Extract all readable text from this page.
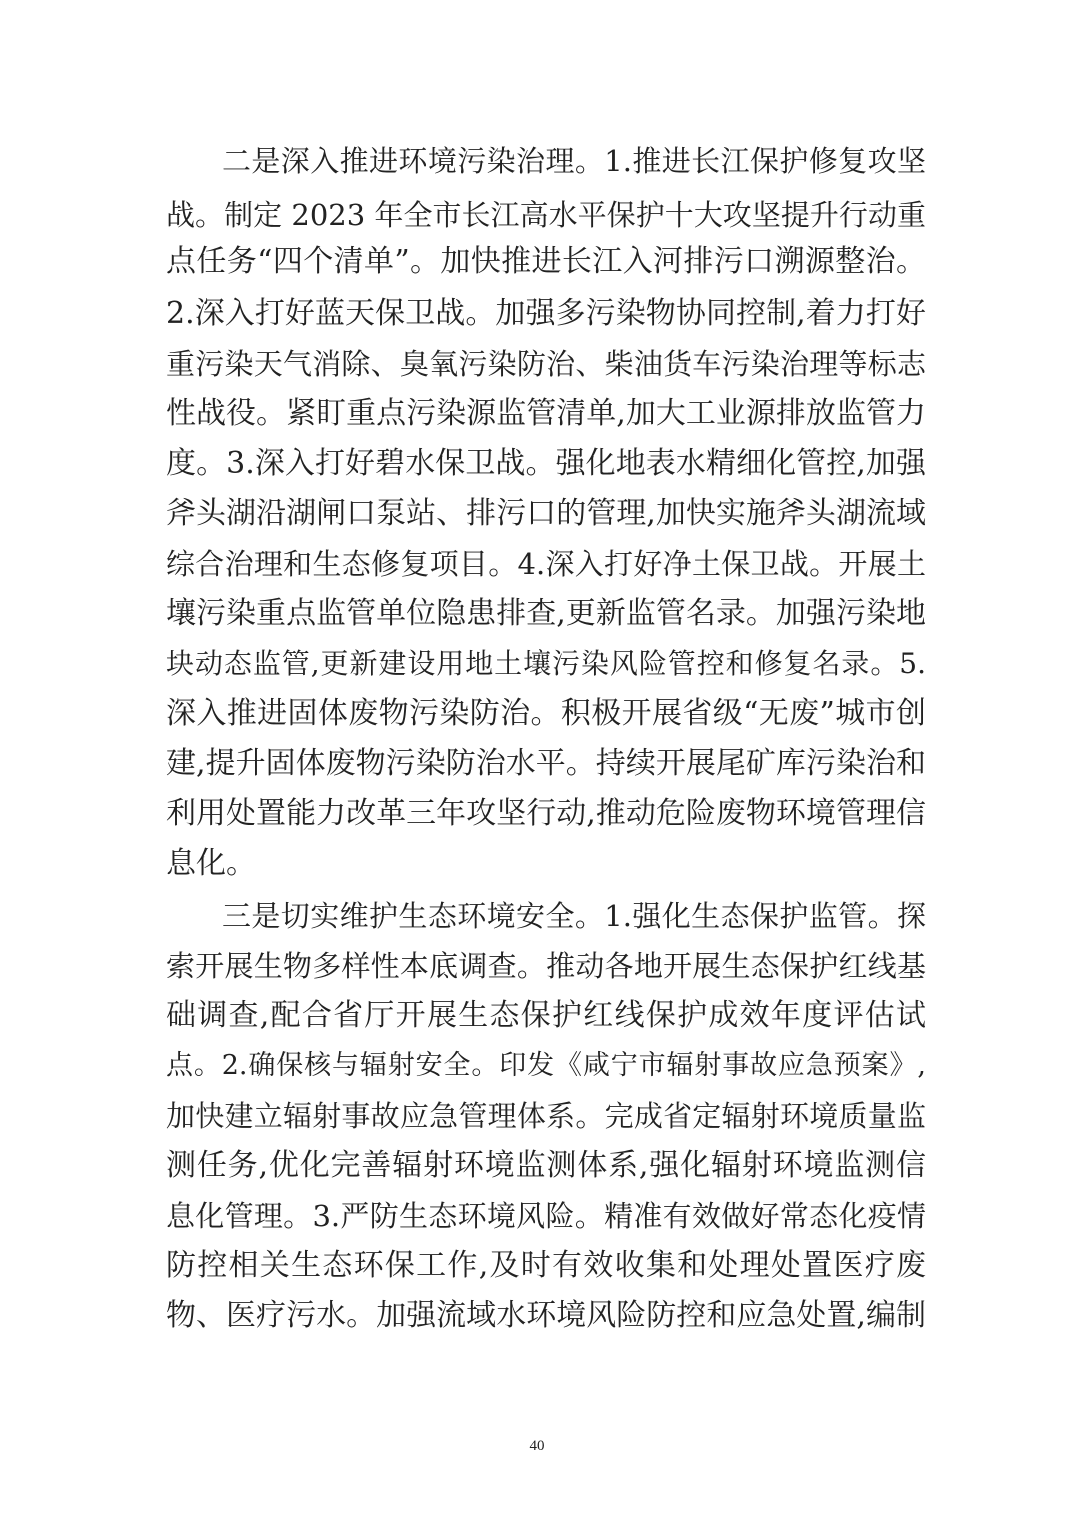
二是深入推进环境污染治理。1.推进长江保护修复攻坚
战。制定 2023 年全市长江高水平保护十大攻坚提升行动重
点任务“四个清单”。加快推进长江入河排污口溯源整治。
2.深入打好蓝天保卫战。加强多污染物协同控制,着力打好
重污染天气消除、臭氧污染防治、柴油货车污染治理等标志
性战役。紧盯重点污染源监管清单,加大工业源排放监管力
度。3.深入打好碧水保卫战。强化地表水精细化管控,加强
斧头湖沿湖闸口泵站、排污口的管理,加快实施斧头湖流域
综合治理和生态修复项目。4.深入打好净土保卫战。开展土
壤污染重点监管单位隐患排查,更新监管名录。加强污染地
块动态监管,更新建设用地土壤污染风险管控和修复名录。5.
深入推进固体废物污染防治。积极开展省级“无废”城市创
建,提升固体废物污染防治水平。持续开展尾矿库污染治和
利用处置能力改革三年攻坚行动,推动危险废物环境管理信
息化。
三是切实维护生态环境安全。1.强化生态保护监管。探
索开展生物多样性本底调查。推动各地开展生态保护红线基
础调查,配合省厅开展生态保护红线保护成效年度评估试
点。2.确保核与辐射安全。印发《咸宁市辐射事故应急预案》,
加快建立辐射事故应急管理体系。完成省定辐射环境质量监
测任务,优化完善辐射环境监测体系,强化辐射环境监测信
息化管理。3.严防生态环境风险。精准有效做好常态化疫情
防控相关生态环保工作,及时有效收集和处理处置医疗废
物、医疗污水。加强流域水环境风险防控和应急处置,编制
40
